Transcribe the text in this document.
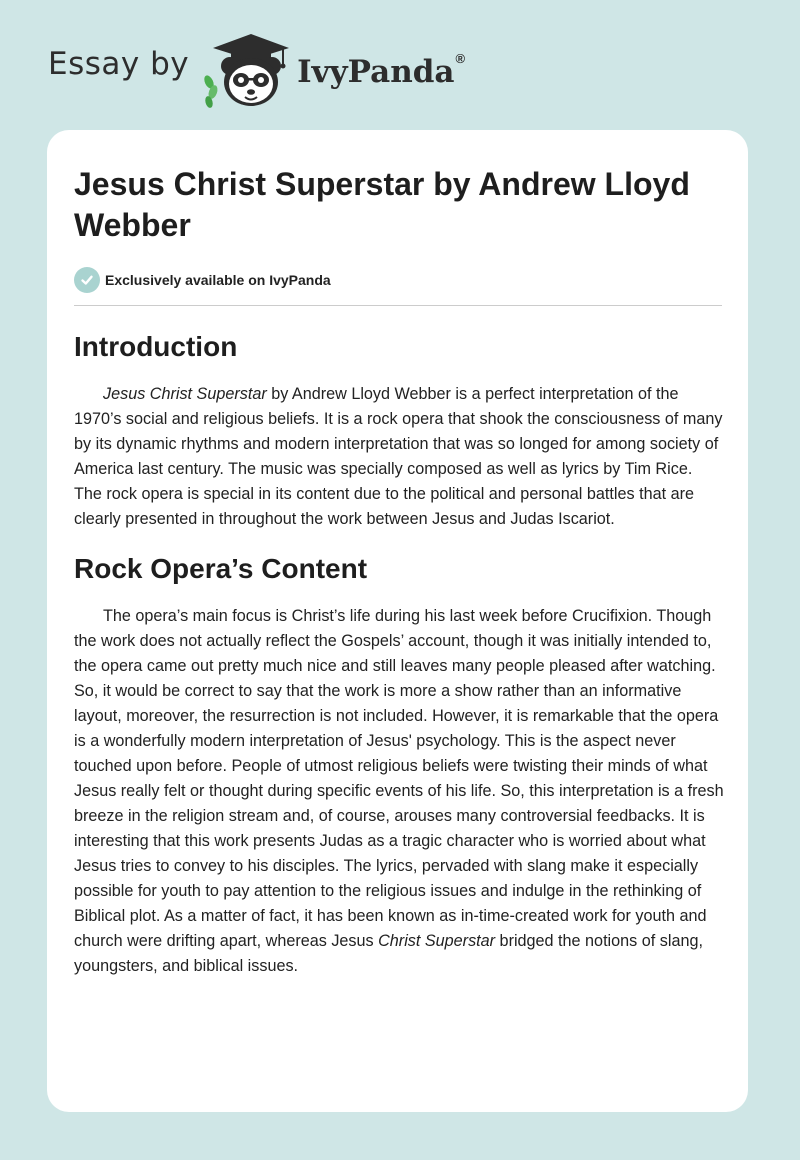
Essay by	IvyPanda®
Jesus Christ Superstar by Andrew Lloyd Webber
Exclusively available on IvyPanda
Introduction

Jesus Christ Superstar by Andrew Lloyd Webber is a perfect interpretation of the 1970’s social and religious beliefs. It is a rock opera that shook the consciousness of many by its dynamic rhythms and modern interpretation that was so longed for among society of America last century. The music was specially composed as well as lyrics by Tim Rice. The rock opera is special in its content due to the political and personal battles that are clearly presented in throughout the work between Jesus and Judas Iscariot.

Rock Opera’s Content

The opera’s main focus is Christ’s life during his last week before Crucifixion. Though the work does not actually reflect the Gospels’ account, though it was initially intended to, the opera came out pretty much nice and still leaves many people pleased after watching. So, it would be correct to say that the work is more a show rather than an informative layout, moreover, the resurrection is not included. However, it is remarkable that the opera is a wonderfully modern interpretation of Jesus' psychology. This is the aspect never touched upon before. People of utmost religious beliefs were twisting their minds of what Jesus really felt or thought during specific events of his life. So, this interpretation is a fresh breeze in the religion stream and, of course, arouses many controversial feedbacks. It is interesting that this work presents Judas as a tragic character who is worried about what Jesus tries to convey to his disciples. The lyrics, pervaded with slang make it especially possible for youth to pay attention to the religious issues and indulge in the rethinking of Biblical plot. As a matter of fact, it has been known as in-time-created work for youth and church were drifting apart, whereas Jesus Christ Superstar bridged the notions of slang, youngsters, and biblical issues.
